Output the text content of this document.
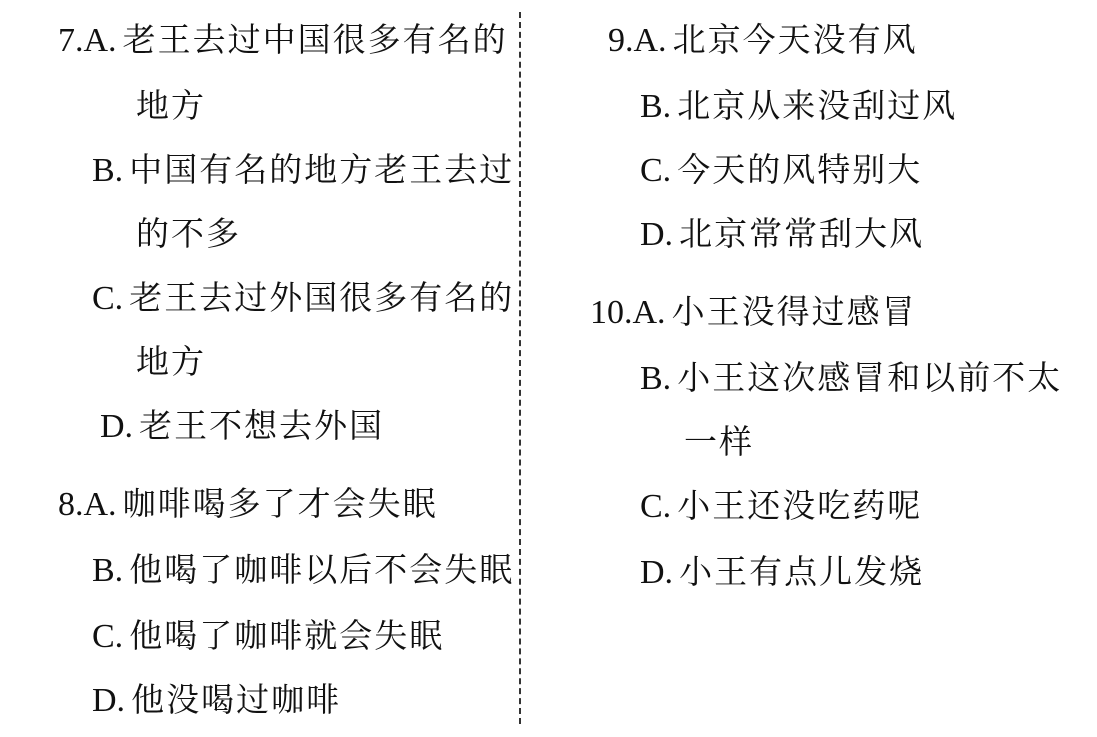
7.A. 老王去过中国很多有名的
地方
B. 中国有名的地方老王去过
的不多
C. 老王去过外国很多有名的
地方
D. 老王不想去外国
8.A. 咖啡喝多了才会失眠
B. 他喝了咖啡以后不会失眠
C. 他喝了咖啡就会失眠
D. 他没喝过咖啡
9.A. 北京今天没有风
B. 北京从来没刮过风
C. 今天的风特别大
D. 北京常常刮大风
10.A. 小王没得过感冒
B. 小王这次感冒和以前不太
一样
C. 小王还没吃药呢
D. 小王有点儿发烧
